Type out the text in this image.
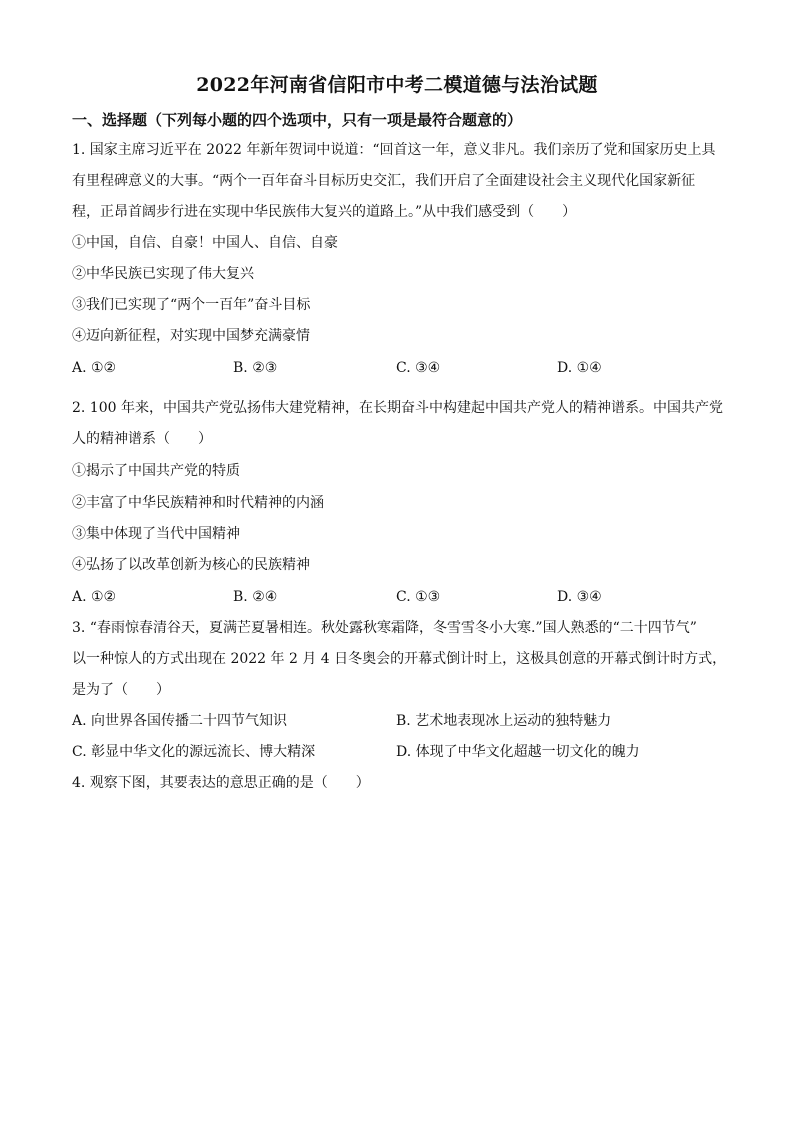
2022年河南省信阳市中考二模道德与法治试题
一、选择题（下列每小题的四个选项中，只有一项是最符合题意的）
1. 国家主席习近平在 2022 年新年贺词中说道：“回首这一年，意义非凡。我们亲历了党和国家历史上具
有里程碑意义的大事。“两个一百年奋斗目标历史交汇，我们开启了全面建设社会主义现代化国家新征
程，正昂首阔步行进在实现中华民族伟大复兴的道路上。”从中我们感受到（　　）
①中国，自信、自豪！中国人、自信、自豪
②中华民族已实现了伟大复兴
③我们已实现了“两个一百年”奋斗目标
④迈向新征程，对实现中国梦充满豪情
A. ①②	B. ②③	C. ③④	D. ①④
2. 100 年来，中国共产党弘扬伟大建党精神，在长期奋斗中构建起中国共产党人的精神谱系。中国共产党
人的精神谱系（　　）
①揭示了中国共产党的特质
②丰富了中华民族精神和时代精神的内涵
③集中体现了当代中国精神
④弘扬了以改革创新为核心的民族精神
A. ①②	B. ②④	C. ①③	D. ③④
3. “春雨惊春清谷天，夏满芒夏暑相连。秋处露秋寒霜降，冬雪雪冬小大寒.”国人熟悉的“二十四节气”
以一种惊人的方式出现在 2022 年 2 月 4 日冬奥会的开幕式倒计时上，这极具创意的开幕式倒计时方式，
是为了（　　）
A. 向世界各国传播二十四节气知识	B. 艺术地表现冰上运动的独特魅力
C. 彰显中华文化的源远流长、博大精深	D. 体现了中华文化超越一切文化的魄力
4. 观察下图，其要表达的意思正确的是（　　）
